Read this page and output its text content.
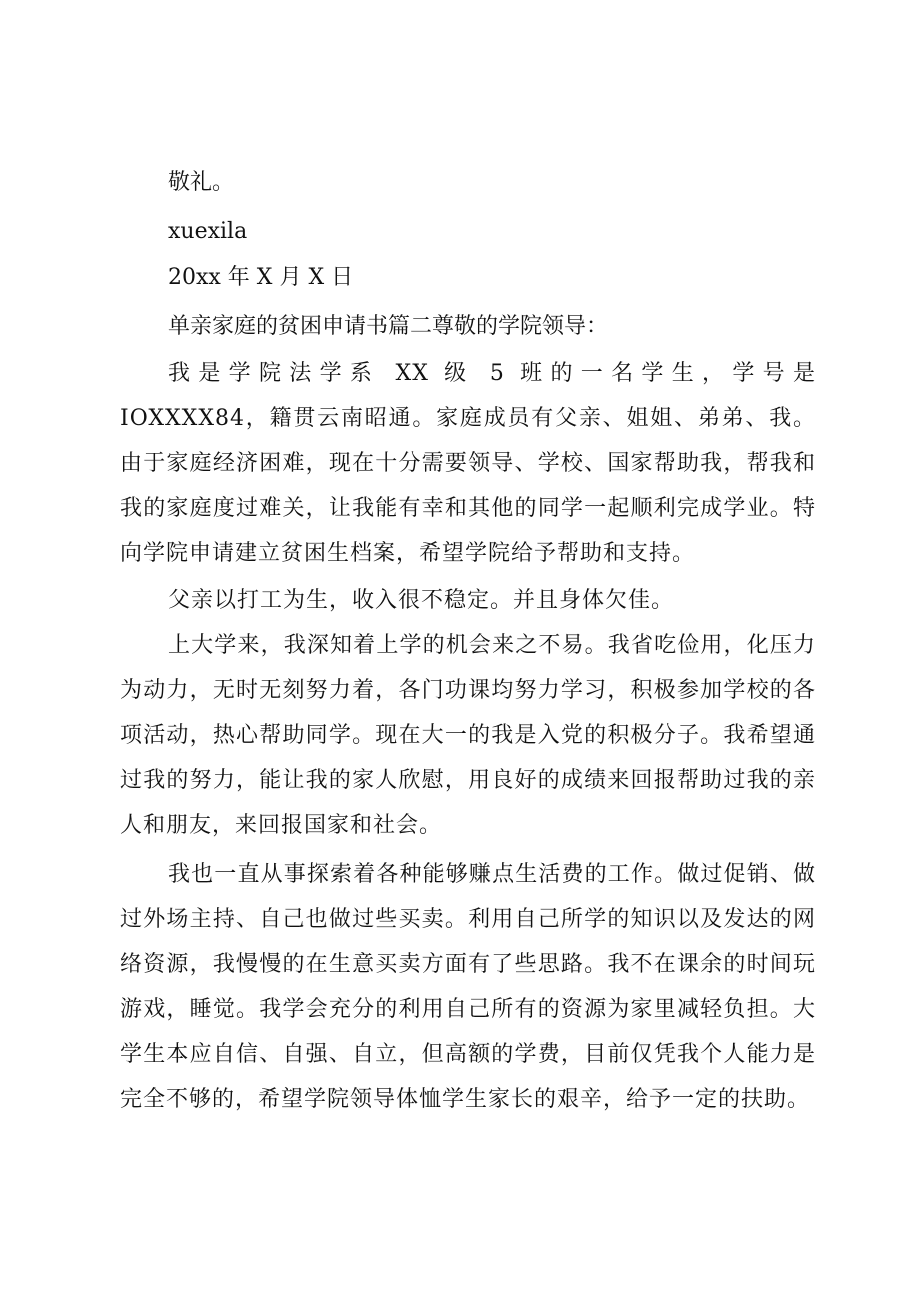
敬礼。
xuexila
20xx 年 X 月 X 日
单亲家庭的贫困申请书篇二尊敬的学院领导：
我是学院法学系 XX 级 5 班的一名学生，学号是 IOXXXX84，籍贯云南昭通。家庭成员有父亲、姐姐、弟弟、我。由于家庭经济困难，现在十分需要领导、学校、国家帮助我，帮我和我的家庭度过难关，让我能有幸和其他的同学一起顺利完成学业。特向学院申请建立贫困生档案，希望学院给予帮助和支持。
父亲以打工为生，收入很不稳定。并且身体欠佳。
上大学来，我深知着上学的机会来之不易。我省吃俭用，化压力为动力，无时无刻努力着，各门功课均努力学习，积极参加学校的各项活动，热心帮助同学。现在大一的我是入党的积极分子。我希望通过我的努力，能让我的家人欣慰，用良好的成绩来回报帮助过我的亲人和朋友，来回报国家和社会。
我也一直从事探索着各种能够赚点生活费的工作。做过促销、做过外场主持、自己也做过些买卖。利用自己所学的知识以及发达的网络资源，我慢慢的在生意买卖方面有了些思路。我不在课余的时间玩游戏，睡觉。我学会充分的利用自己所有的资源为家里减轻负担。大学生本应自信、自强、自立，但高额的学费，目前仅凭我个人能力是完全不够的，希望学院领导体恤学生家长的艰辛，给予一定的扶助。
